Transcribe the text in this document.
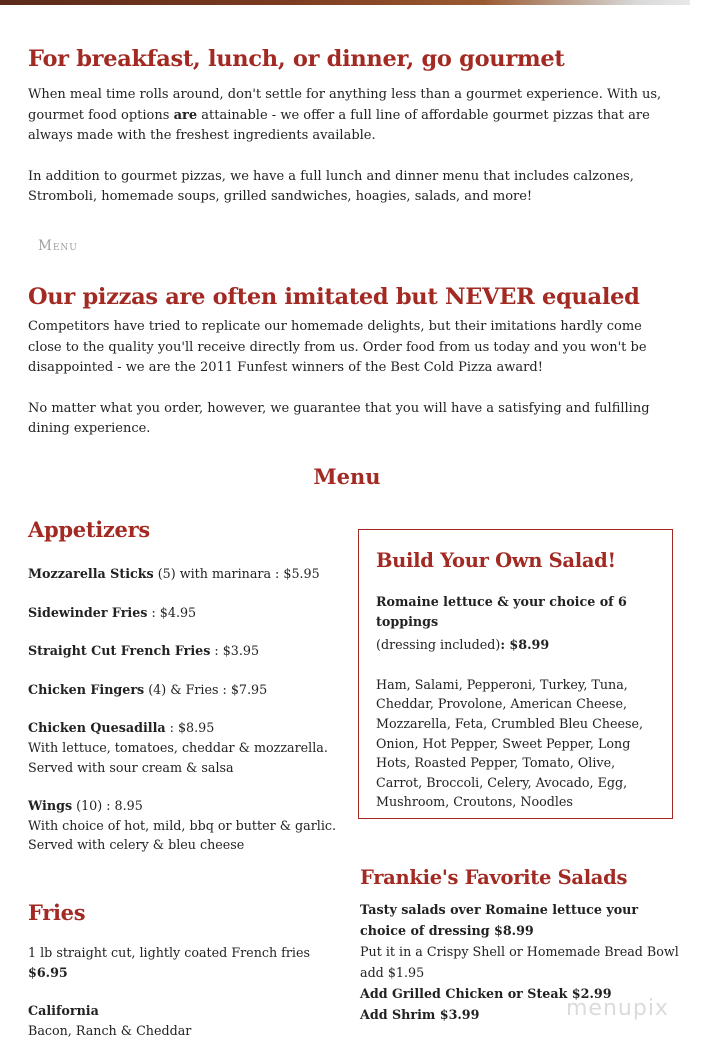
For breakfast, lunch, or dinner, go gourmet

When meal time rolls around, don't settle for anything less than a gourmet experience. With us, gourmet food options are attainable - we offer a full line of affordable gourmet pizzas that are always made with the freshest ingredients available.

In addition to gourmet pizzas, we have a full lunch and dinner menu that includes calzones, Stromboli, homemade soups, grilled sandwiches, hoagies, salads, and more!

Menu
Our pizzas are often imitated but NEVER equaled

Competitors have tried to replicate our homemade delights, but their imitations hardly come close to the quality you'll receive directly from us. Order food from us today and you won't be disappointed - we are the 2011 Funfest winners of the Best Cold Pizza award!

No matter what you order, however, we guarantee that you will have a satisfying and fulfilling dining experience.

Menu
Appetizers
Mozzarella Sticks (5) with marinara : $5.95
Sidewinder Fries : $4.95
Straight Cut French Fries : $3.95
Chicken Fingers (4) & Fries : $7.95
Chicken Quesadilla : $8.95
With lettuce, tomatoes, cheddar & mozzarella.
Served with sour cream & salsa
Wings (10) : 8.95
With choice of hot, mild, bbq or butter & garlic.
Served with celery & bleu cheese
Fries
1 lb straight cut, lightly coated French fries $6.95
California
Bacon, Ranch & Cheddar
Build Your Own Salad!
Romaine lettuce & your choice of 6 toppings
(dressing included): $8.99
Ham, Salami, Pepperoni, Turkey, Tuna, Cheddar, Provolone, American Cheese, Mozzarella, Feta, Crumbled Bleu Cheese, Onion, Hot Pepper, Sweet Pepper, Long Hots, Roasted Pepper, Tomato, Olive, Carrot, Broccoli, Celery, Avocado, Egg, Mushroom, Croutons, Noodles
Frankie's Favorite Salads
Tasty salads over Romaine lettuce your choice of dressing $8.99
Put it in a Crispy Shell or Homemade Bread Bowl add $1.95
Add Grilled Chicken or Steak $2.99
Add Shrim $3.99	menupix
